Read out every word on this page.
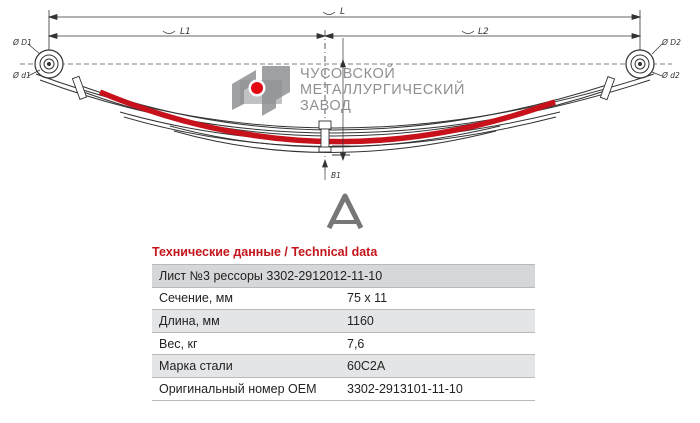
L
L1	L2
Ø D1
Ø d1
Ø D2
Ø d2
B1
ЧУСОВСКОЙ
МЕТАЛЛУРГИЧЕСКИЙ
ЗАВОД
Технические данные / Technical data
Лист №3 рессоры 3302-2912012-11-10	
Сечение, мм	75 x 11
Длина, мм	1160
Вес, кг	7,6
Марка стали	60С2А
Оригинальный номер OEM	3302-2913101-11-10
